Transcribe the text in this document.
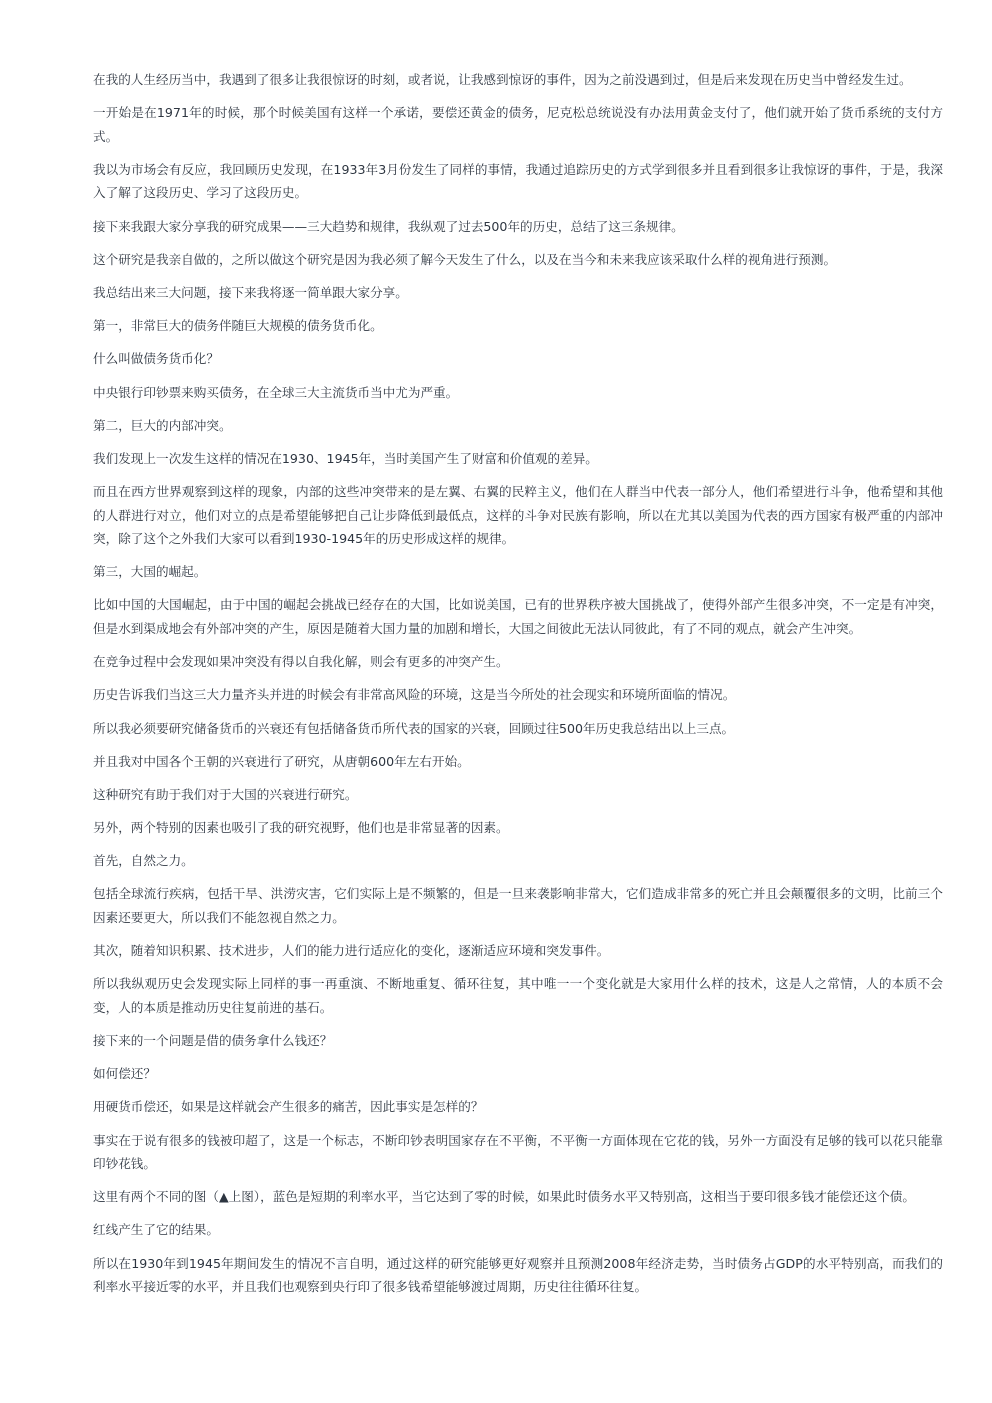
在我的人生经历当中，我遇到了很多让我很惊讶的时刻，或者说，让我感到惊讶的事件，因为之前没遇到过，但是后来发现在历史当中曾经发生过。

一开始是在1971年的时候，那个时候美国有这样一个承诺，要偿还黄金的债务，尼克松总统说没有办法用黄金支付了，他们就开始了货币系统的支付方式。

我以为市场会有反应，我回顾历史发现，在1933年3月份发生了同样的事情，我通过追踪历史的方式学到很多并且看到很多让我惊讶的事件，于是，我深入了解了这段历史、学习了这段历史。

接下来我跟大家分享我的研究成果——三大趋势和规律，我纵观了过去500年的历史，总结了这三条规律。

这个研究是我亲自做的，之所以做这个研究是因为我必须了解今天发生了什么，以及在当今和未来我应该采取什么样的视角进行预测。

我总结出来三大问题，接下来我将逐一简单跟大家分享。

第一，非常巨大的债务伴随巨大规模的债务货币化。

什么叫做债务货币化？

中央银行印钞票来购买债务，在全球三大主流货币当中尤为严重。

第二，巨大的内部冲突。

我们发现上一次发生这样的情况在1930、1945年，当时美国产生了财富和价值观的差异。

而且在西方世界观察到这样的现象，内部的这些冲突带来的是左翼、右翼的民粹主义，他们在人群当中代表一部分人，他们希望进行斗争，他希望和其他的人群进行对立，他们对立的点是希望能够把自己让步降低到最低点，这样的斗争对民族有影响，所以在尤其以美国为代表的西方国家有极严重的内部冲突，除了这个之外我们大家可以看到1930-1945年的历史形成这样的规律。

第三，大国的崛起。

比如中国的大国崛起，由于中国的崛起会挑战已经存在的大国，比如说美国，已有的世界秩序被大国挑战了，使得外部产生很多冲突，不一定是有冲突，但是水到渠成地会有外部冲突的产生，原因是随着大国力量的加剧和增长，大国之间彼此无法认同彼此，有了不同的观点，就会产生冲突。

在竞争过程中会发现如果冲突没有得以自我化解，则会有更多的冲突产生。

历史告诉我们当这三大力量齐头并进的时候会有非常高风险的环境，这是当今所处的社会现实和环境所面临的情况。

所以我必须要研究储备货币的兴衰还有包括储备货币所代表的国家的兴衰，回顾过往500年历史我总结出以上三点。

并且我对中国各个王朝的兴衰进行了研究，从唐朝600年左右开始。

这种研究有助于我们对于大国的兴衰进行研究。

另外，两个特别的因素也吸引了我的研究视野，他们也是非常显著的因素。

首先，自然之力。

包括全球流行疾病，包括干旱、洪涝灾害，它们实际上是不频繁的，但是一旦来袭影响非常大，它们造成非常多的死亡并且会颠覆很多的文明，比前三个因素还要更大，所以我们不能忽视自然之力。

其次，随着知识积累、技术进步，人们的能力进行适应化的变化，逐渐适应环境和突发事件。

所以我纵观历史会发现实际上同样的事一再重演、不断地重复、循环往复，其中唯一一个变化就是大家用什么样的技术，这是人之常情，人的本质不会变，人的本质是推动历史往复前进的基石。

接下来的一个问题是借的债务拿什么钱还？

如何偿还？

用硬货币偿还，如果是这样就会产生很多的痛苦，因此事实是怎样的？

事实在于说有很多的钱被印超了，这是一个标志，不断印钞表明国家存在不平衡，不平衡一方面体现在它花的钱，另外一方面没有足够的钱可以花只能靠印钞花钱。

这里有两个不同的图（▲上图），蓝色是短期的利率水平，当它达到了零的时候，如果此时债务水平又特别高，这相当于要印很多钱才能偿还这个债。

红线产生了它的结果。

所以在1930年到1945年期间发生的情况不言自明，通过这样的研究能够更好观察并且预测2008年经济走势，当时债务占GDP的水平特别高，而我们的利率水平接近零的水平，并且我们也观察到央行印了很多钱希望能够渡过周期，历史往往循环往复。
